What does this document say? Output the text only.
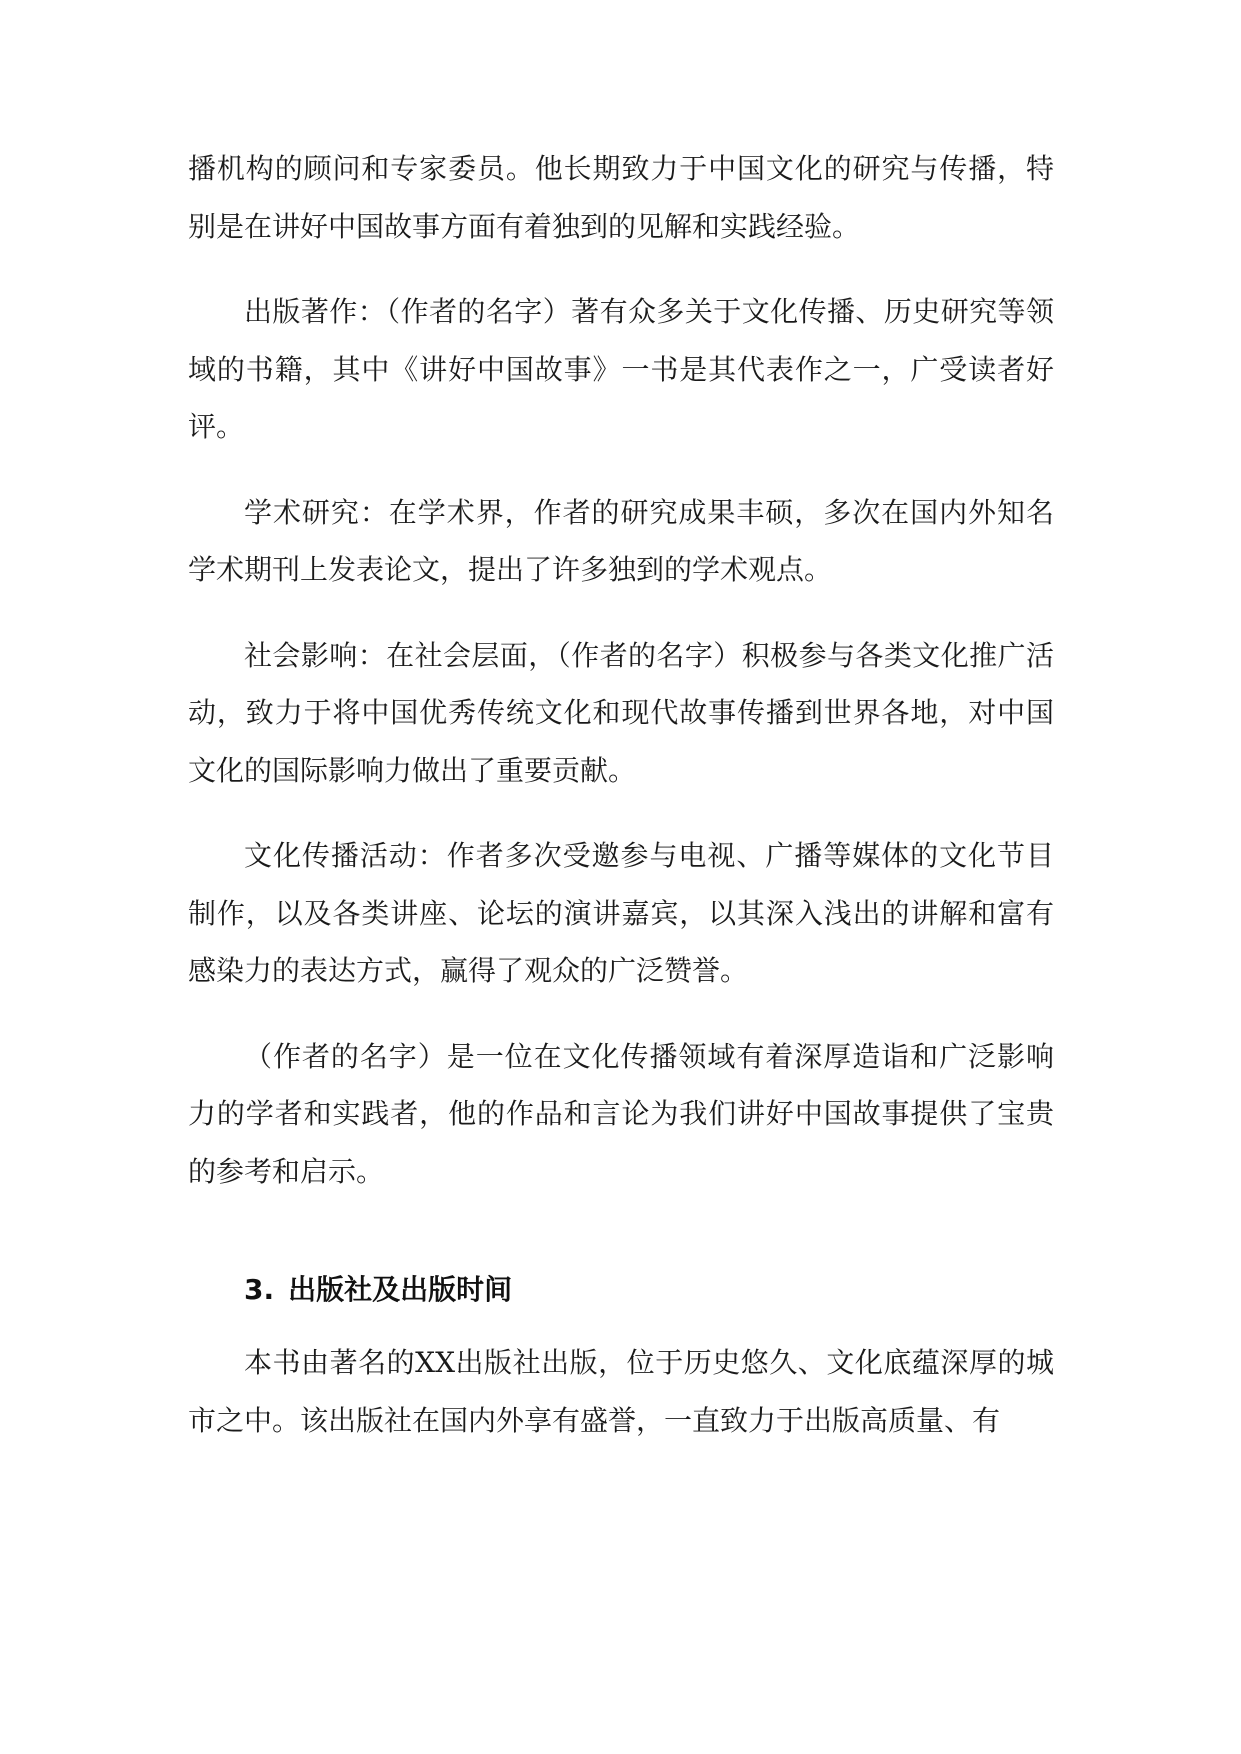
播机构的顾问和专家委员。他长期致力于中国文化的研究与传播，特别是在讲好中国故事方面有着独到的见解和实践经验。

出版著作：（作者的名字）著有众多关于文化传播、历史研究等领域的书籍，其中《讲好中国故事》一书是其代表作之一，广受读者好评。

学术研究：在学术界，作者的研究成果丰硕，多次在国内外知名学术期刊上发表论文，提出了许多独到的学术观点。

社会影响：在社会层面，（作者的名字）积极参与各类文化推广活动，致力于将中国优秀传统文化和现代故事传播到世界各地，对中国文化的国际影响力做出了重要贡献。

文化传播活动：作者多次受邀参与电视、广播等媒体的文化节目制作，以及各类讲座、论坛的演讲嘉宾，以其深入浅出的讲解和富有感染力的表达方式，赢得了观众的广泛赞誉。

（作者的名字）是一位在文化传播领域有着深厚造诣和广泛影响力的学者和实践者，他的作品和言论为我们讲好中国故事提供了宝贵的参考和启示。

3. 出版社及出版时间

本书由著名的XX出版社出版，位于历史悠久、文化底蕴深厚的城市之中。该出版社在国内外享有盛誉，一直致力于出版高质量、有
